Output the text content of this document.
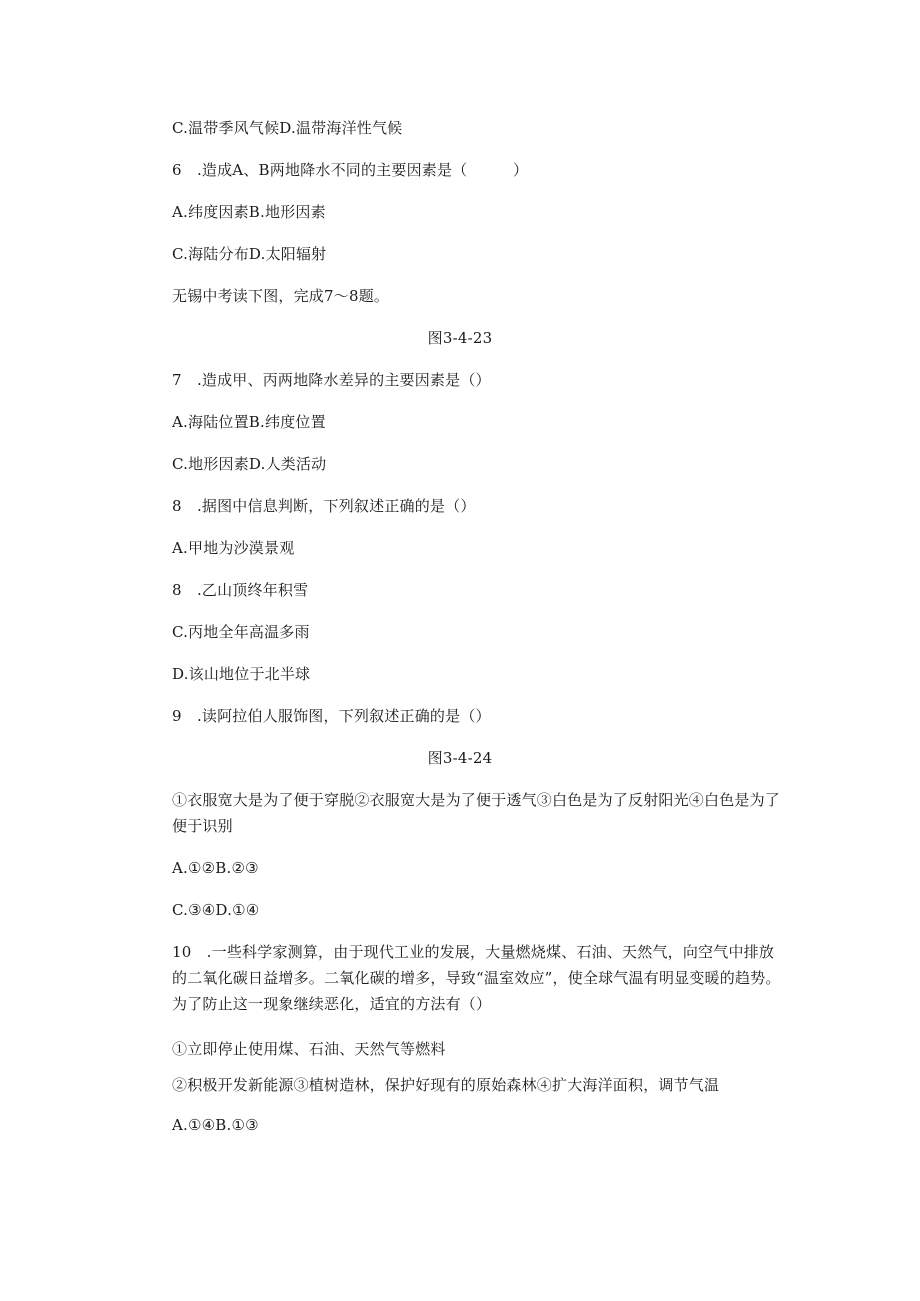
C.温带季风气候D.温带海洋性气候

6　.造成A、B两地降水不同的主要因素是（　　　）

A.纬度因素B.地形因素

C.海陆分布D.太阳辐射

无锡中考读下图，完成7～8题。

图3-4-23

7　.造成甲、丙两地降水差异的主要因素是（）

A.海陆位置B.纬度位置

C.地形因素D.人类活动

8　.据图中信息判断，下列叙述正确的是（）

A.甲地为沙漠景观

8　.乙山顶终年积雪

C.丙地全年高温多雨

D.该山地位于北半球

9　.读阿拉伯人服饰图，下列叙述正确的是（）

图3-4-24

①衣服宽大是为了便于穿脱②衣服宽大是为了便于透气③白色是为了反射阳光④白色是为了便于识别

A.①②B.②③

C.③④D.①④

10　.一些科学家测算，由于现代工业的发展，大量燃烧煤、石油、天然气，向空气中排放的二氧化碳日益增多。二氧化碳的增多，导致“温室效应”，使全球气温有明显变暖的趋势。为了防止这一现象继续恶化，适宜的方法有（）

①立即停止使用煤、石油、天然气等燃料

②积极开发新能源③植树造林，保护好现有的原始森林④扩大海洋面积，调节气温

A.①④B.①③
